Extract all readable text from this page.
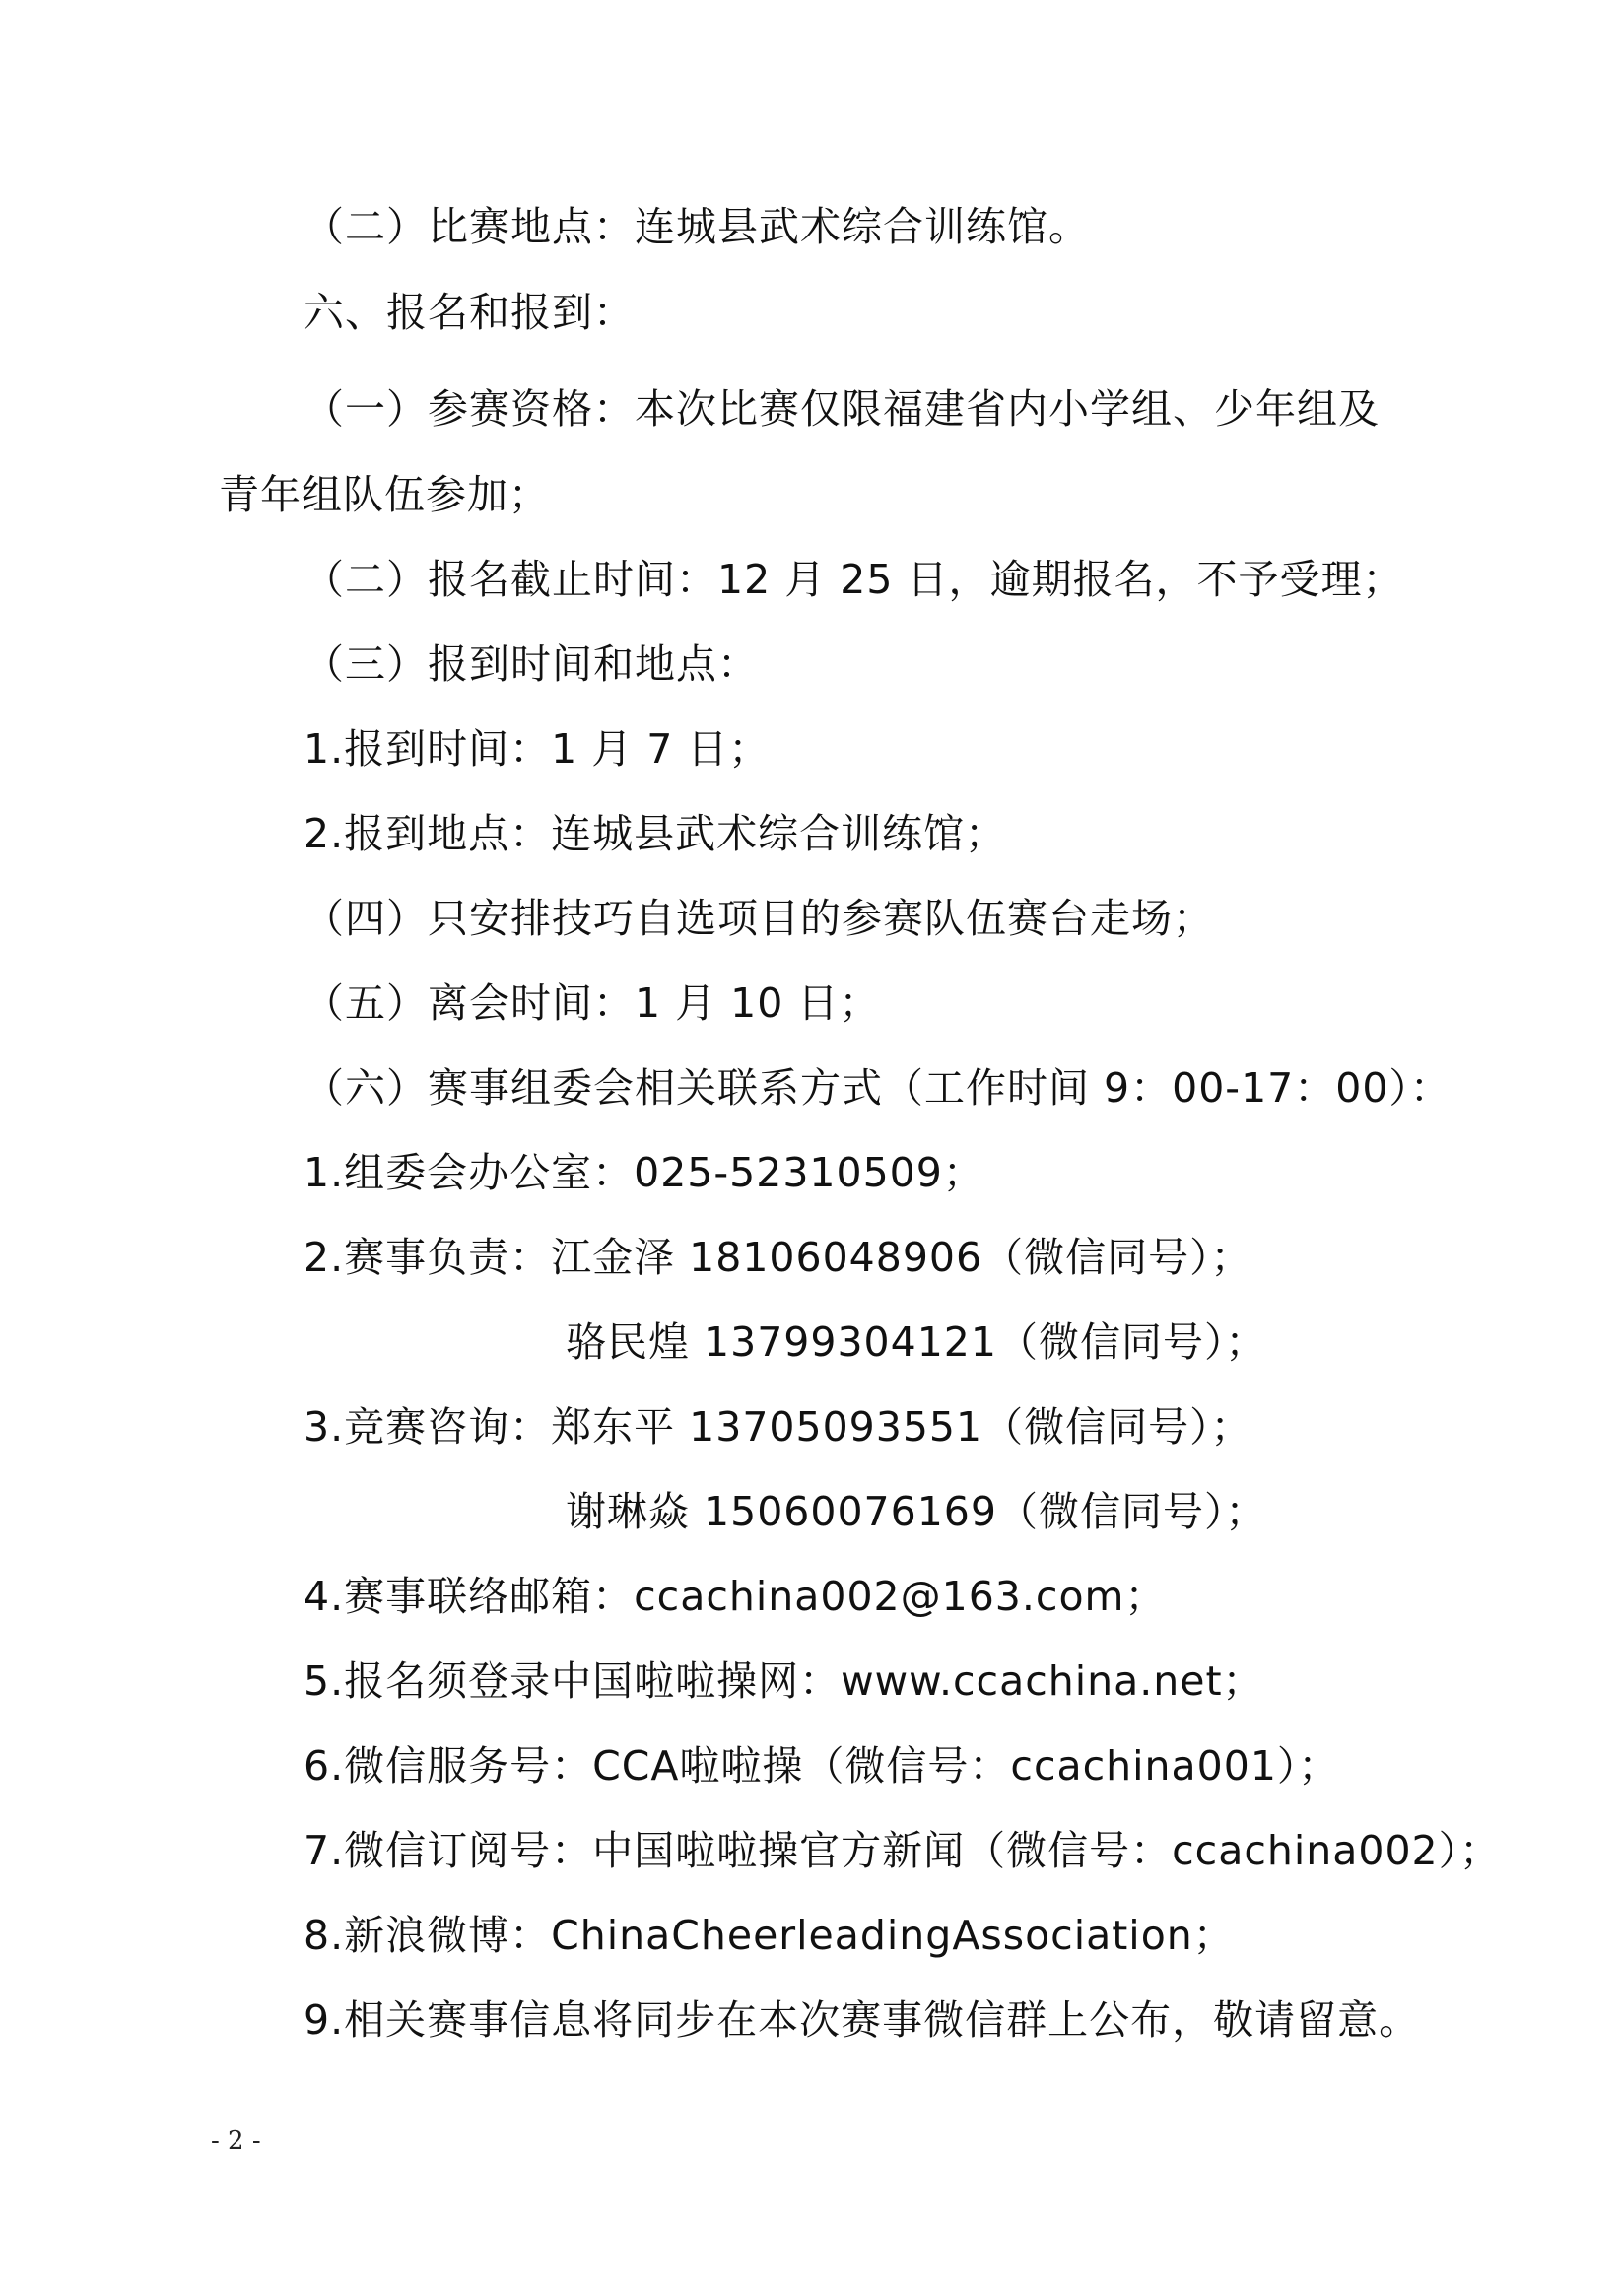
（二）比赛地点：连城县武术综合训练馆。
六、报名和报到：
（一）参赛资格：本次比赛仅限福建省内小学组、少年组及
青年组队伍参加；
（二）报名截止时间：12 月 25 日，逾期报名，不予受理；
（三）报到时间和地点：
1.报到时间：1 月 7 日；
2.报到地点：连城县武术综合训练馆；
（四）只安排技巧自选项目的参赛队伍赛台走场；
（五）离会时间：1 月 10 日；
（六）赛事组委会相关联系方式（工作时间 9：00-17：00）：
1.组委会办公室：025-52310509；
2.赛事负责：江金泽 18106048906（微信同号）；
骆民煌 13799304121（微信同号）；
3.竞赛咨询：郑东平 13705093551（微信同号）；
谢琳焱 15060076169（微信同号）；
4.赛事联络邮箱：ccachina002@163.com；
5.报名须登录中国啦啦操网：www.ccachina.net；
6.微信服务号：CCA啦啦操（微信号：ccachina001）；
7.微信订阅号：中国啦啦操官方新闻（微信号：ccachina002）；
8.新浪微博：ChinaCheerleadingAssociation；
9.相关赛事信息将同步在本次赛事微信群上公布，敬请留意。
- 2 -
